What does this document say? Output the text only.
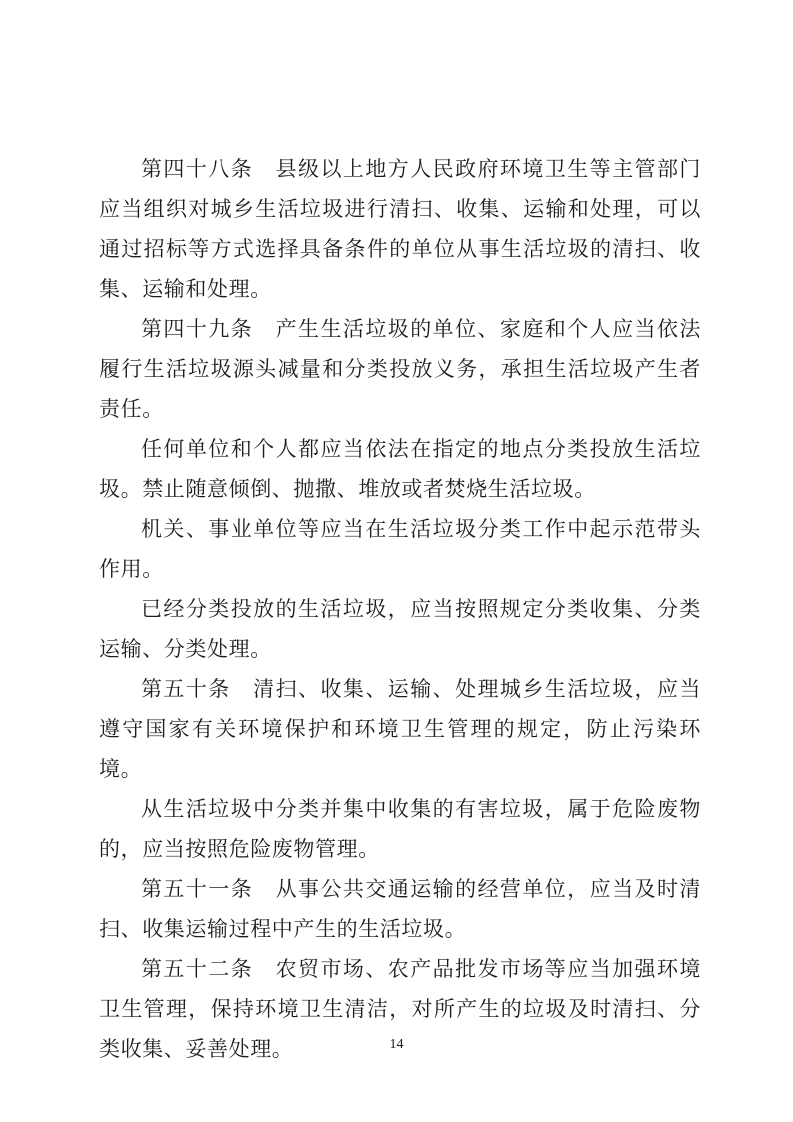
第四十八条　县级以上地方人民政府环境卫生等主管部门应当组织对城乡生活垃圾进行清扫、收集、运输和处理，可以通过招标等方式选择具备条件的单位从事生活垃圾的清扫、收集、运输和处理。

第四十九条　产生生活垃圾的单位、家庭和个人应当依法履行生活垃圾源头减量和分类投放义务，承担生活垃圾产生者责任。

任何单位和个人都应当依法在指定的地点分类投放生活垃圾。禁止随意倾倒、抛撒、堆放或者焚烧生活垃圾。

机关、事业单位等应当在生活垃圾分类工作中起示范带头作用。

已经分类投放的生活垃圾，应当按照规定分类收集、分类运输、分类处理。

第五十条　清扫、收集、运输、处理城乡生活垃圾，应当遵守国家有关环境保护和环境卫生管理的规定，防止污染环境。

从生活垃圾中分类并集中收集的有害垃圾，属于危险废物的，应当按照危险废物管理。

第五十一条　从事公共交通运输的经营单位，应当及时清扫、收集运输过程中产生的生活垃圾。

第五十二条　农贸市场、农产品批发市场等应当加强环境卫生管理，保持环境卫生清洁，对所产生的垃圾及时清扫、分类收集、妥善处理。	14
